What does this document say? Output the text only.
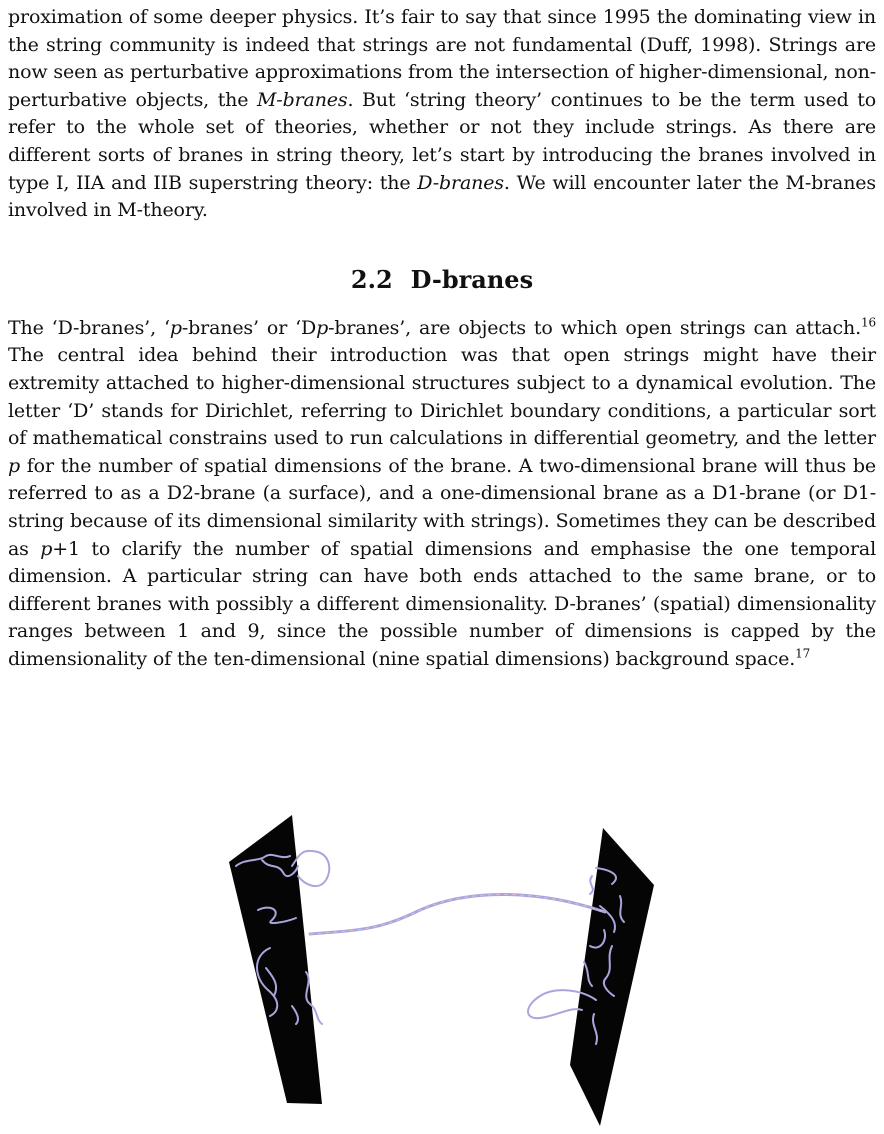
proximation of some deeper physics. It’s fair to say that since 1995 the dominating view in the string community is indeed that strings are not fundamental (Duff, 1998). Strings are now seen as perturbative approximations from the intersection of higher-dimensional, non-perturbative objects, the M-branes. But ‘string theory’ continues to be the term used to refer to the whole set of theories, whether or not they include strings. As there are different sorts of branes in string theory, let’s start by introducing the branes involved in type I, IIA and IIB superstring theory: the D-branes. We will encounter later the M-branes involved in M-theory.

2.2 D-branes

The ‘D-branes’, ‘p-branes’ or ‘Dp-branes’, are objects to which open strings can attach.$^{16}$ The central idea behind their introduction was that open strings might have their extremity attached to higher-dimensional structures subject to a dynamical evolution. The letter ‘D’ stands for Dirichlet, referring to Dirichlet boundary conditions, a particular sort of mathematical constrains used to run calculations in differential geometry, and the letter p for the number of spatial dimensions of the brane. A two-dimensional brane will thus be referred to as a D2-brane (a surface), and a one-dimensional brane as a D1-brane (or D1-string because of its dimensional similarity with strings). Sometimes they can be described as p+1 to clarify the number of spatial dimensions and emphasise the one temporal dimension. A particular string can have both ends attached to the same brane, or to different branes with possibly a different dimensionality. D-branes’ (spatial) dimensionality ranges between 1 and 9, since the possible number of dimensions is capped by the dimensionality of the ten-dimensional (nine spatial dimensions) background space.$^{17}$
